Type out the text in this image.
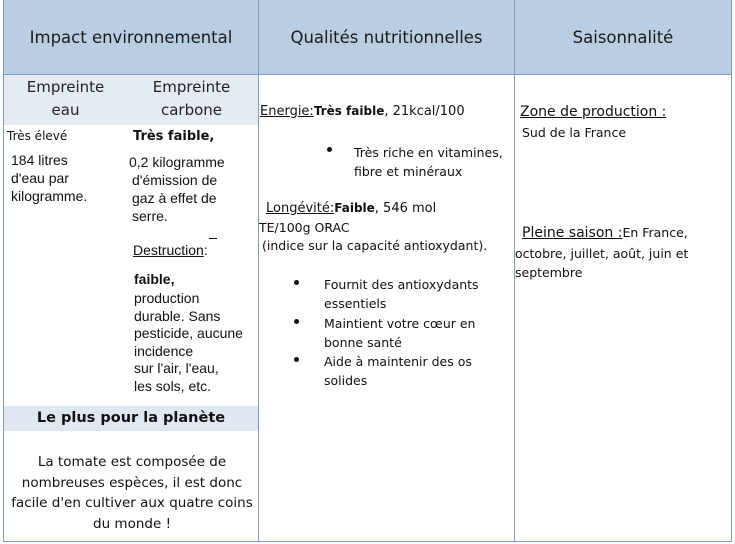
Impact environnemental	Qualités nutritionnelles	Saisonnalité
Empreinte
eau
Empreinte
carbone
Très élevé
184 litres
d'eau par
kilogramme.
Très faible,
0,2 kilogramme
d'émission de
gaz à effet de
serre.
Destruction:
faible,
production
durable. Sans
pesticide, aucune
incidence
sur l'air, l'eau,
les sols, etc.
Le plus pour la planète
La tomate est composée de nombreuses espèces, il est donc facile d'en cultiver aux quatre coins du monde !
Energie:Très faible, 21kcal/100
Très riche en vitamines,
fibre et minéraux
Longévité:Faible, 546 mol
TE/100g ORAC
(indice sur la capacité antioxydant).
Fournit des antioxydants
essentiels
Maintient votre cœur en
bonne santé
Aide à maintenir des os
solides
Zone de production :
Sud de la France
Pleine saison :En France,
octobre, juillet, août, juin et
septembre
